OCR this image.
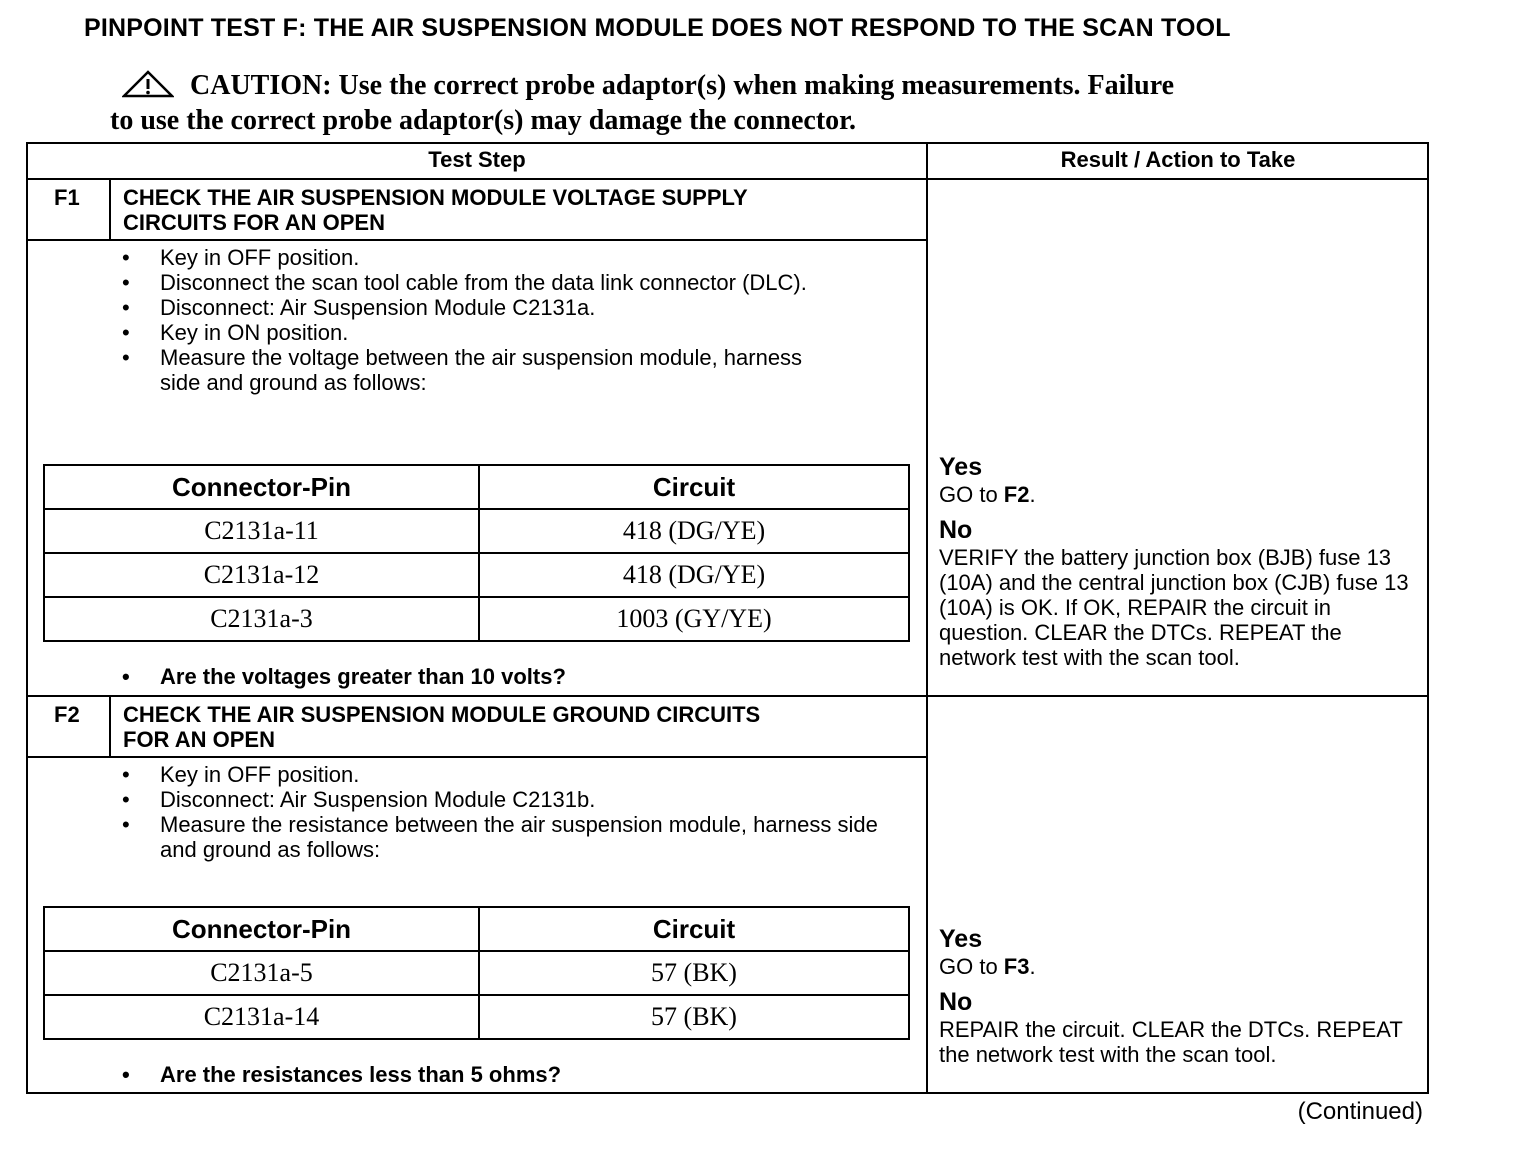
PINPOINT TEST F: THE AIR SUSPENSION MODULE DOES NOT RESPOND TO THE SCAN TOOL
CAUTION: Use the correct probe adaptor(s) when making measurements. Failure
to use the correct probe adaptor(s) may damage the connector.
Test Step	Result / Action to Take
F1 CHECK THE AIR SUSPENSION MODULE VOLTAGE SUPPLY
CIRCUITS FOR AN OPEN
• Key in OFF position.
• Disconnect the scan tool cable from the data link connector (DLC).
• Disconnect: Air Suspension Module C2131a.
• Key in ON position.
• Measure the voltage between the air suspension module, harness side and ground as follows:
Connector-Pin	Circuit
C2131a-11	418 (DG/YE)
C2131a-12	418 (DG/YE)
C2131a-3	1003 (GY/YE)
• Are the voltages greater than 10 volts?
Yes
GO to F2.
No
VERIFY the battery junction box (BJB) fuse 13 (10A) and the central junction box (CJB) fuse 13 (10A) is OK. If OK, REPAIR the circuit in question. CLEAR the DTCs. REPEAT the network test with the scan tool.
F2 CHECK THE AIR SUSPENSION MODULE GROUND CIRCUITS
FOR AN OPEN
• Key in OFF position.
• Disconnect: Air Suspension Module C2131b.
• Measure the resistance between the air suspension module, harness side and ground as follows:
Connector-Pin	Circuit
C2131a-5	57 (BK)
C2131a-14	57 (BK)
• Are the resistances less than 5 ohms?
Yes
GO to F3.
No
REPAIR the circuit. CLEAR the DTCs. REPEAT the network test with the scan tool.
(Continued)
